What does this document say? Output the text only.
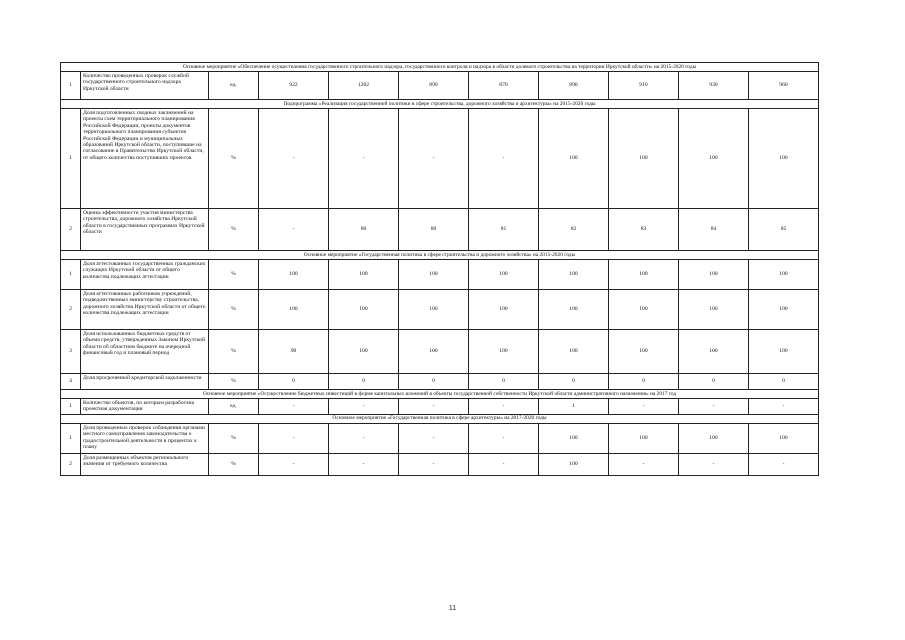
Основное мероприятие «Обеспечение осуществления государственного строительного надзора, государственного контроля и надзора в области долевого строительства на территории Иркутской области» на 2015-2020 годы										
1	Количество проведенных проверок службой государственного строительного надзора Иркутской области	ед.	922	1202	890	870	890	910	930	960
Подпрограмма «Реализация государственной политики в сфере строительства, дорожного хозяйства и архитектуры» на 2015-2020 годы										
1	Доля подготовленных сводных заключений на проекты схем территориального планирования Российской Федерации, проекты документов территориального планирования субъектов Российской Федерации и муниципальных образований Иркутской области, поступившие на согласование в Правительство Иркутской области, от общего количества поступивших проектов	%	-	-	-	-	100	100	100	100
2	Оценка эффективности участия министерства строительства, дорожного хозяйства Иркутской области в государственных программах Иркутской области	%	-	80	80	81	82	83	84	85
Основное мероприятие «Государственная политика в сфере строительства и дорожного хозяйства» на 2015-2020 годы										
1	Доля аттестованных государственных гражданских служащих Иркутской области от общего количества подлежащих аттестации	%	100	100	100	100	100	100	100	100
2	Доля аттестованных работников учреждений, подведомственных министерству строительства, дорожного хозяйства Иркутской области от общего количества подлежащих аттестации	%	100	100	100	100	100	100	100	100
3	Доля использованных бюджетных средств от объема средств, утвержденных Законом Иркутской области об областном бюджете на очередной финансовый год и плановый период	%	90	100	100	100	100	100	100	100
4	Доля просроченной кредиторской задолженности	%	0	0	0	0	0	0	0	0
Основное мероприятие «Осуществление бюджетных инвестиций в форме капитальных вложений в объекты государственной собственности Иркутской области административного назначения» на 2017 год										
1	Количество объектов, по которым разработана проектная документация	ед.	-	-	-	-	1	-	-	-
Основное мероприятие «Государственная политика в сфере архитектуры» на 2017-2020 годы										
1	Доля проведенных проверок соблюдения органами местного самоуправления законодательства о градостроительной деятельности в процентах к плану	%	-	-	-	-	100	100	100	100
2	Доля размещенных объектов регионального значения от требуемого количества	%	-	-	-	-	100	-	-	-
11
